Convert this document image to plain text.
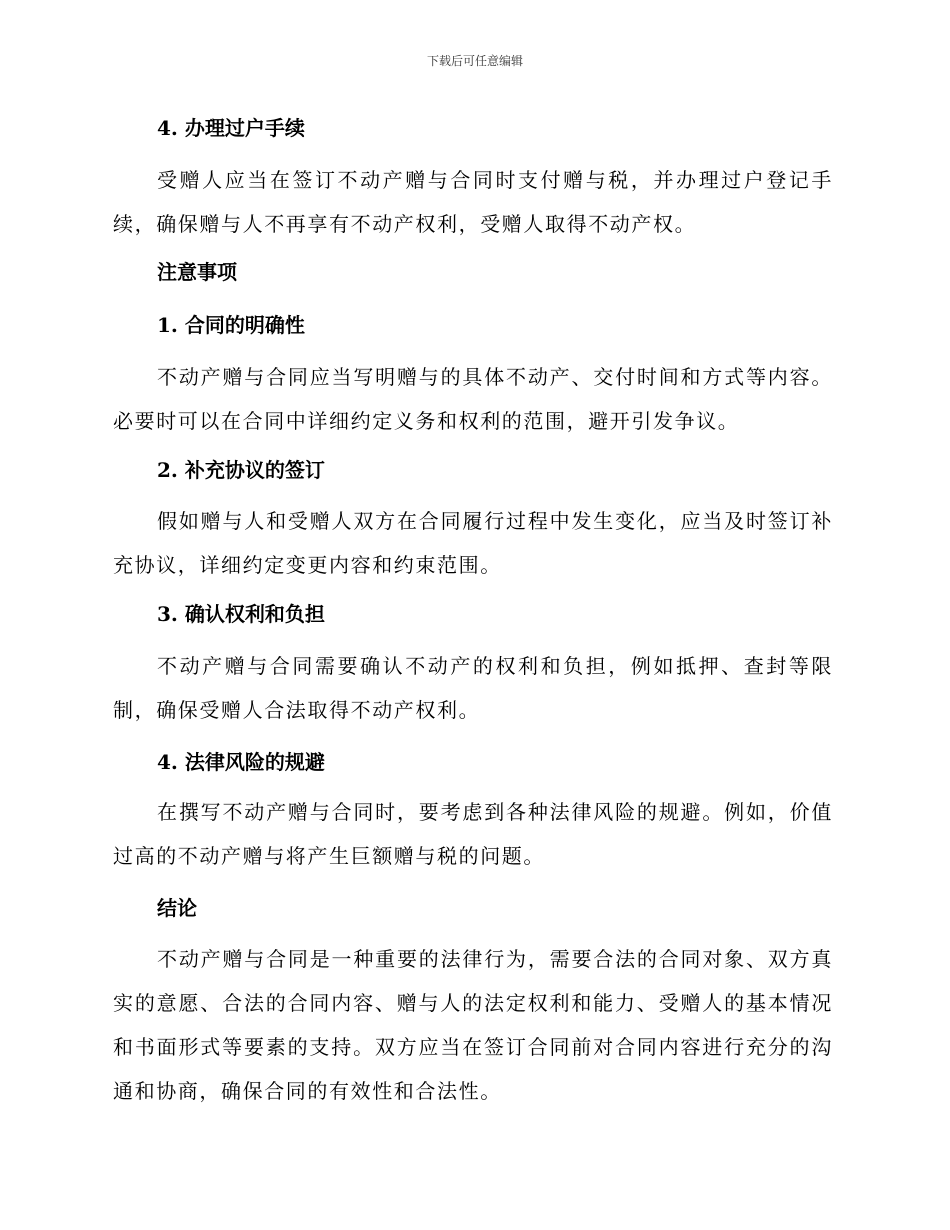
下载后可任意编辑
4. 办理过户手续
受赠人应当在签订不动产赠与合同时支付赠与税，并办理过户登记手续，确保赠与人不再享有不动产权利，受赠人取得不动产权。
注意事项
1. 合同的明确性
不动产赠与合同应当写明赠与的具体不动产、交付时间和方式等内容。必要时可以在合同中详细约定义务和权利的范围，避开引发争议。
2. 补充协议的签订
假如赠与人和受赠人双方在合同履行过程中发生变化，应当及时签订补充协议，详细约定变更内容和约束范围。
3. 确认权利和负担
不动产赠与合同需要确认不动产的权利和负担，例如抵押、查封等限制，确保受赠人合法取得不动产权利。
4. 法律风险的规避
在撰写不动产赠与合同时，要考虑到各种法律风险的规避。例如，价值过高的不动产赠与将产生巨额赠与税的问题。
结论
不动产赠与合同是一种重要的法律行为，需要合法的合同对象、双方真实的意愿、合法的合同内容、赠与人的法定权利和能力、受赠人的基本情况和书面形式等要素的支持。双方应当在签订合同前对合同内容进行充分的沟通和协商，确保合同的有效性和合法性。
